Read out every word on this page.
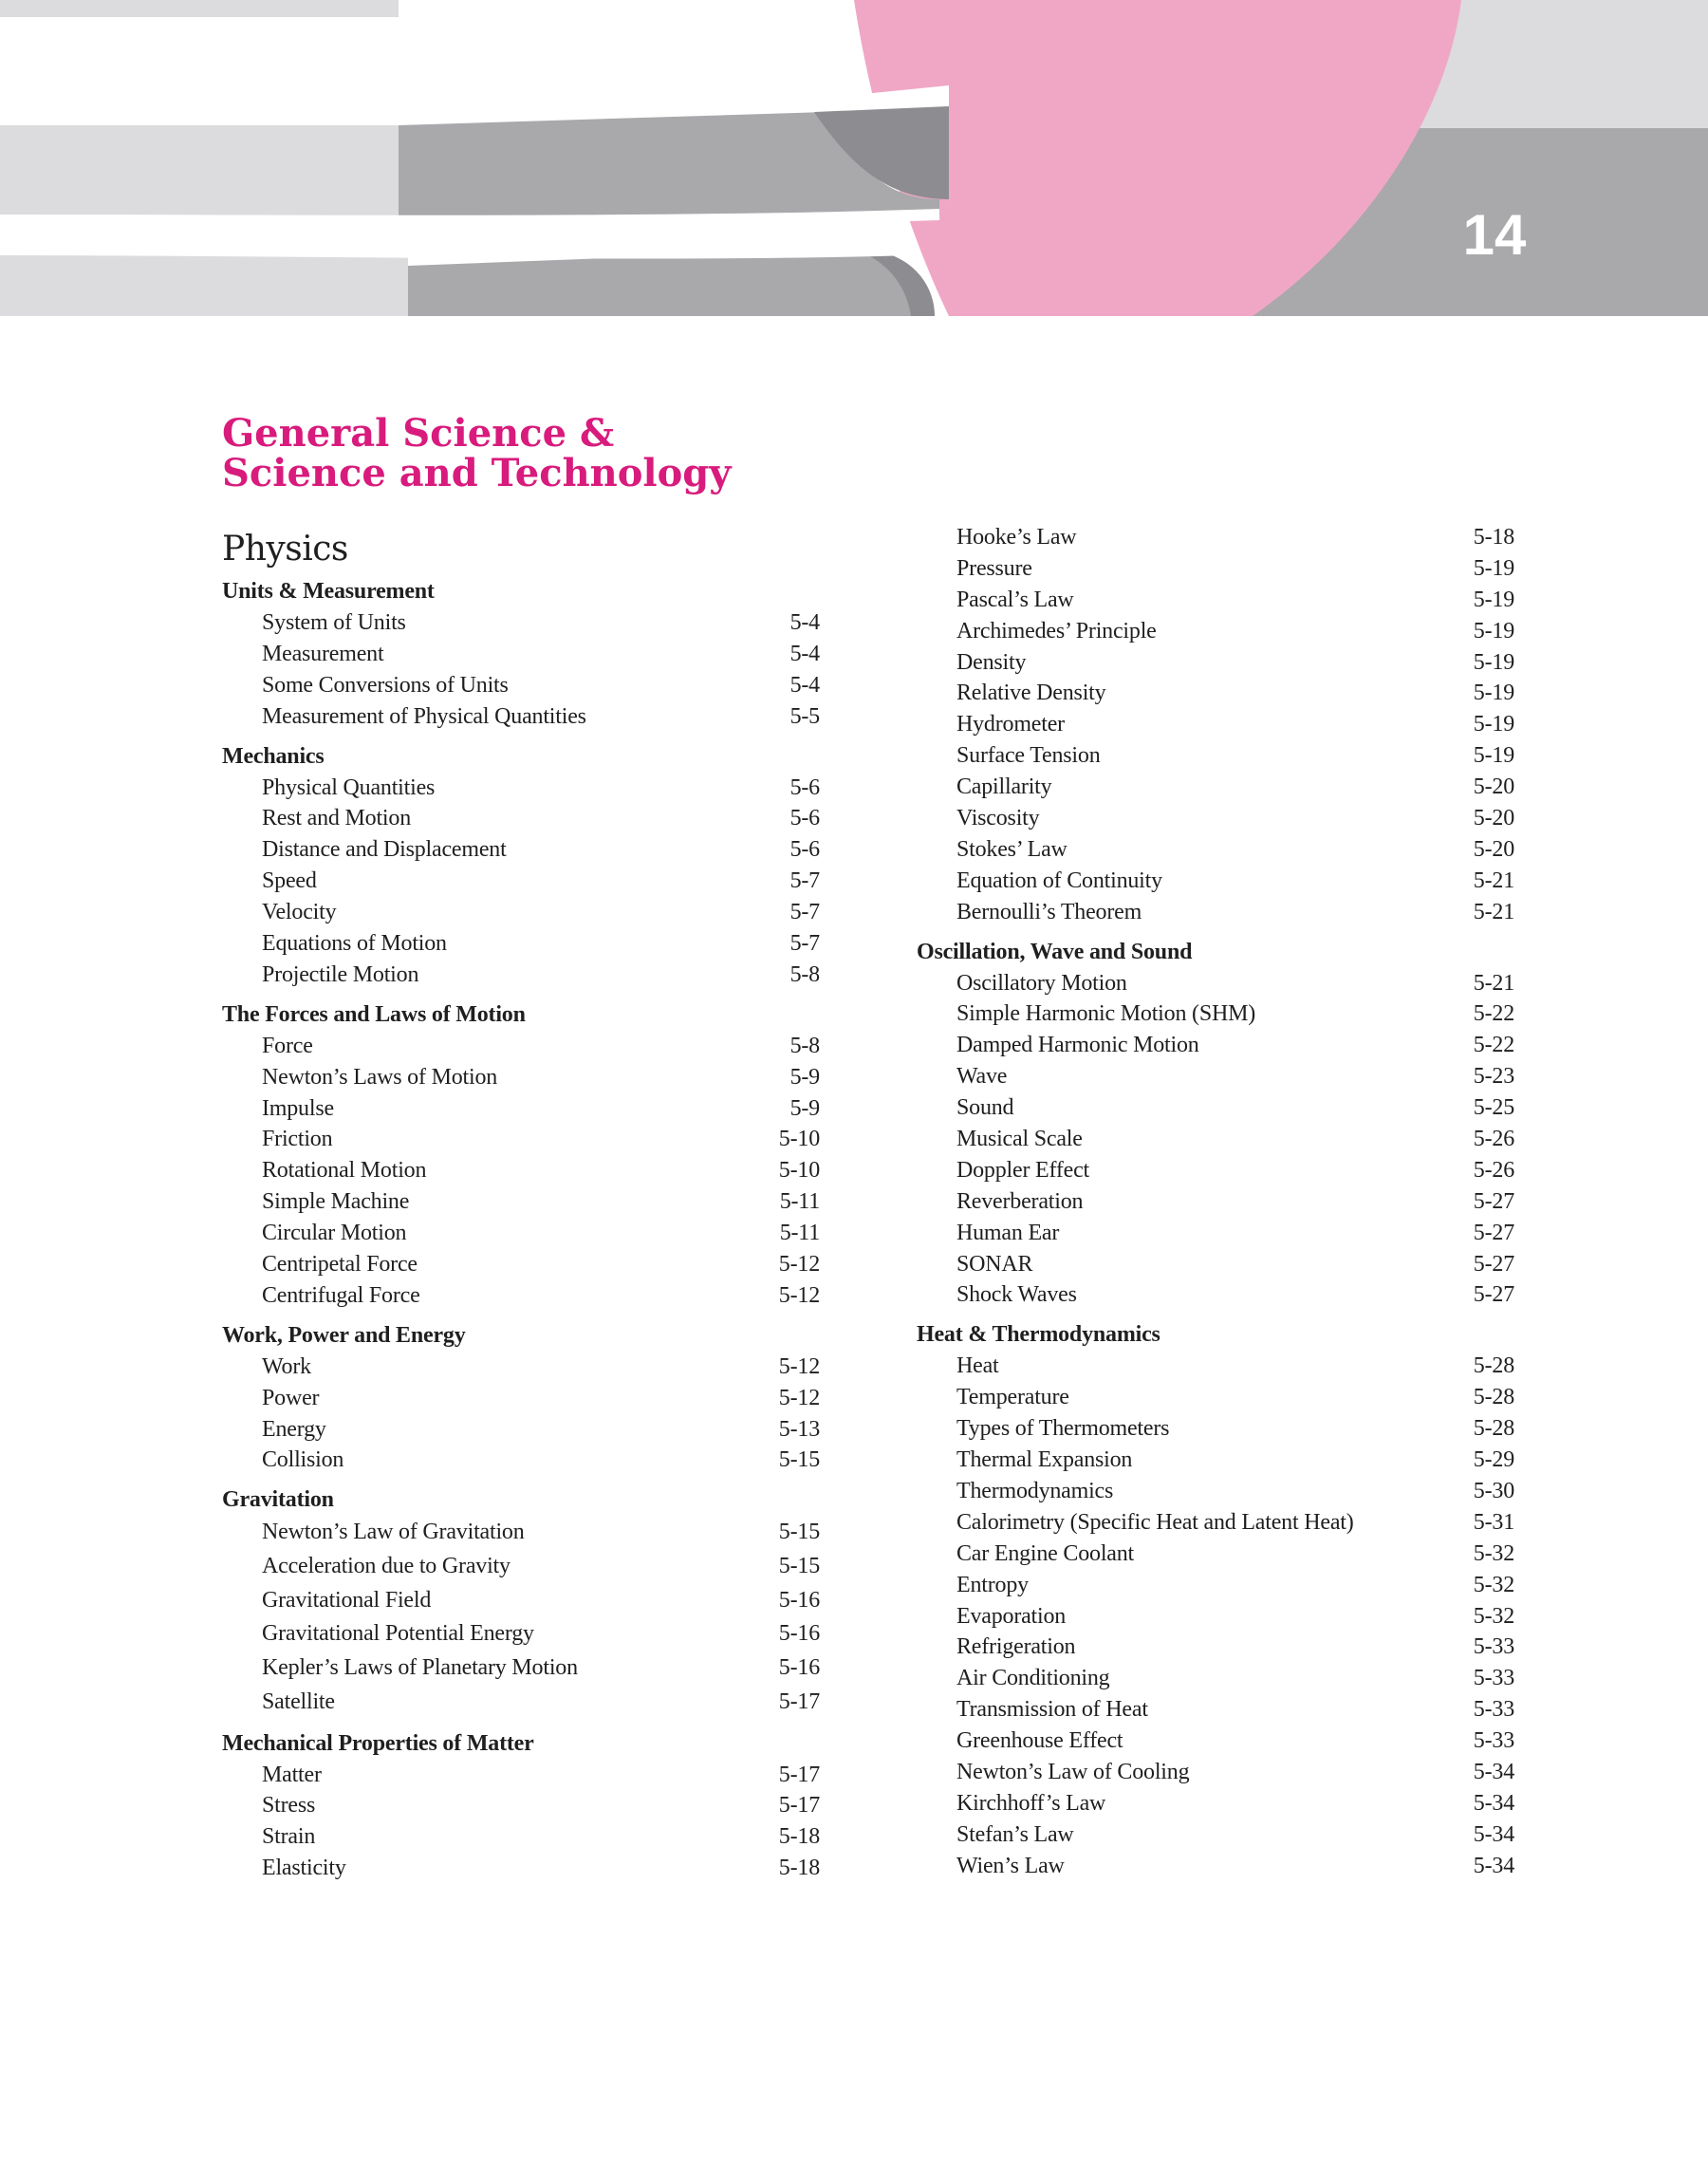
14
General Science &
Science and Technology
Physics
Units & Measurement
System of Units	5-4
Measurement	5-4
Some Conversions of Units	5-4
Measurement of Physical Quantities	5-5
Mechanics
Physical Quantities	5-6
Rest and Motion	5-6
Distance and Displacement	5-6
Speed	5-7
Velocity	5-7
Equations of Motion	5-7
Projectile Motion	5-8
The Forces and Laws of Motion
Force	5-8
Newton’s Laws of Motion	5-9
Impulse	5-9
Friction	5-10
Rotational Motion	5-10
Simple Machine	5-11
Circular Motion	5-11
Centripetal Force	5-12
Centrifugal Force	5-12
Work, Power and Energy
Work	5-12
Power	5-12
Energy	5-13
Collision	5-15
Gravitation
Newton’s Law of Gravitation	5-15
Acceleration due to Gravity	5-15
Gravitational Field	5-16
Gravitational Potential Energy	5-16
Kepler’s Laws of Planetary Motion	5-16
Satellite	5-17
Mechanical Properties of Matter
Matter	5-17
Stress	5-17
Strain	5-18
Elasticity	5-18
Hooke’s Law	5-18
Pressure	5-19
Pascal’s Law	5-19
Archimedes’ Principle	5-19
Density	5-19
Relative Density	5-19
Hydrometer	5-19
Surface Tension	5-19
Capillarity	5-20
Viscosity	5-20
Stokes’ Law	5-20
Equation of Continuity	5-21
Bernoulli’s Theorem	5-21
Oscillation, Wave and Sound
Oscillatory Motion	5-21
Simple Harmonic Motion (SHM)	5-22
Damped Harmonic Motion	5-22
Wave	5-23
Sound	5-25
Musical Scale	5-26
Doppler Effect	5-26
Reverberation	5-27
Human Ear	5-27
SONAR	5-27
Shock Waves	5-27
Heat & Thermodynamics
Heat	5-28
Temperature	5-28
Types of Thermometers	5-28
Thermal Expansion	5-29
Thermodynamics	5-30
Calorimetry (Specific Heat and Latent Heat)	5-31
Car Engine Coolant	5-32
Entropy	5-32
Evaporation	5-32
Refrigeration	5-33
Air Conditioning	5-33
Transmission of Heat	5-33
Greenhouse Effect	5-33
Newton’s Law of Cooling	5-34
Kirchhoff’s Law	5-34
Stefan’s Law	5-34
Wien’s Law	5-34
